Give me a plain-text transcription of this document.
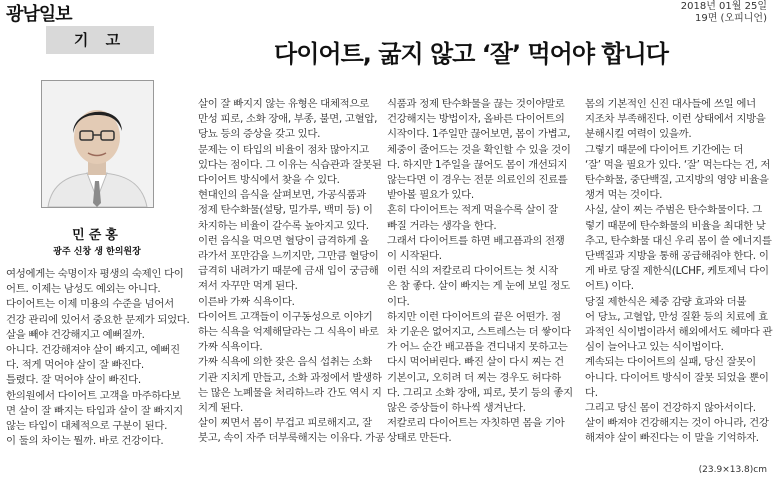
광남일보	2018년 01월 25일
19면 (오피니언)
기 고	다이어트, 굶지 않고 ‘잘’ 먹어야 합니다
민준홍
광주 신창 생 한의원장

여성에게는 숙명이자 평생의 숙제인 다이

어트. 이제는 남성도 예외는 아니다.

다이어트는 이제 미용의 수준을 넘어서

건강 관리에 있어서 중요한 문제가 되었다.

살을 빼야 건강해지고 예뻐질까.

아니다. 건강해져야 살이 빠지고, 예뻐진

다. 적게 먹어야 살이 잘 빠진다.

틀렸다. 잘 먹어야 살이 빠진다.

한의원에서 다이어트 고객을 마주하다보

면 살이 잘 빠지는 타입과 살이 잘 빠지지

않는 타입이 대체적으로 구분이 된다.

이 둘의 차이는 뭘까. 바로 건강이다.

살이 잘 빠지지 않는 유형은 대체적으로

만성 피로, 소화 장애, 부종, 불면, 고혈압,

당뇨 등의 증상을 갖고 있다.

문제는 이 타입의 비율이 점차 많아지고

있다는 점이다. 그 이유는 식습관과 잘못된

다이어트 방식에서 찾을 수 있다.

현대인의 음식을 살펴보면, 가공식품과

정제 탄수화물(설탕, 밀가루, 백미 등) 이

차지하는 비율이 갈수록 높아지고 있다.

이런 음식을 먹으면 혈당이 급격하게 올

라가서 포만감을 느끼지만, 그만큼 혈당이

급격히 내려가기 때문에 금새 입이 궁금해

져서 자꾸만 먹게 된다.

이른바 가짜 식욕이다.

다이어트 고객들이 이구동성으로 이야기

하는 식욕을 억제해달라는 그 식욕이 바로

가짜 식욕이다.

가짜 식욕에 의한 잦은 음식 섭취는 소화

기관 지치게 만들고, 소화 과정에서 발생하

는 많은 노폐물을 처리하느라 간도 역시 지

치게 된다.

살이 찌면서 몸이 무겁고 피로해지고, 잘

붓고, 속이 자주 더부룩해지는 이유다. 가공

식품과 정제 탄수화물을 끊는 것이야말로

건강해지는 방법이자, 올바른 다이어트의

시작이다. 1주일만 끊어보면, 몸이 가볍고,

체중이 줄어드는 것을 확인할 수 있을 것이

다. 하지만 1주일을 끊어도 몸이 개선되지

않는다면 이 경우는 전문 의료인의 진료를

받아볼 필요가 있다.

흔히 다이어트는 적게 먹을수록 살이 잘

빠질 거라는 생각을 한다.

그래서 다이어트를 하면 배고픔과의 전쟁

이 시작된다.

이런 식의 저칼로리 다이어트는 첫 시작

은 참 좋다. 살이 빠지는 게 눈에 보일 정도

이다.

하지만 이런 다이어트의 끝은 어떤가. 점

차 기운은 없어지고, 스트레스는 더 쌓이다

가 어느 순간 배고픔을 견디내지 못하고는

다시 먹어버린다. 빠진 살이 다시 찌는 건

기본이고, 오히려 더 찌는 경우도 허다하

다. 그리고 소화 장애, 피로, 붓기 등의 좋지

않은 증상들이 하나씩 생겨난다.

저칼로리 다이어트는 자칫하면 몸을 기아

상태로 만든다.

몸의 기본적인 신진 대사들에 쓰일 에너

지조차 부족해진다. 이런 상태에서 지방을

분해시킬 여력이 있을까.

그렇기 때문에 다이어트 기간에는 더

‘잘’ 먹을 필요가 있다. ‘잘’ 먹는다는 건, 저

탄수화물, 중단백질, 고지방의 영양 비율을

챙겨 먹는 것이다.

사실, 살이 찌는 주범은 탄수화물이다. 그

렇기 때문에 탄수화물의 비율을 최대한 낮

추고, 탄수화물 대신 우리 몸이 쓸 에너지를

단백질과 지방을 통해 공급해줘야 한다. 이

게 바로 당질 제한식(LCHF, 케토제닉 다이

어트) 이다.

당질 제한식은 체중 감량 효과와 더불

어 당뇨, 고혈압, 만성 질환 등의 치료에 효

과적인 식이법이라서 해외에서도 헤마다 관

심이 늘어나고 있는 식이법이다.

계속되는 다이어트의 실패, 당신 잘못이

아니다. 다이어트 방식이 잘못 되었을 뿐이

다.

그리고 당신 몸이 건강하지 않아서이다.

살이 빠져야 건강해지는 것이 아니라, 건강

해져야 살이 빠진다는 이 말을 기억하자.

(23.9×13.8)cm
